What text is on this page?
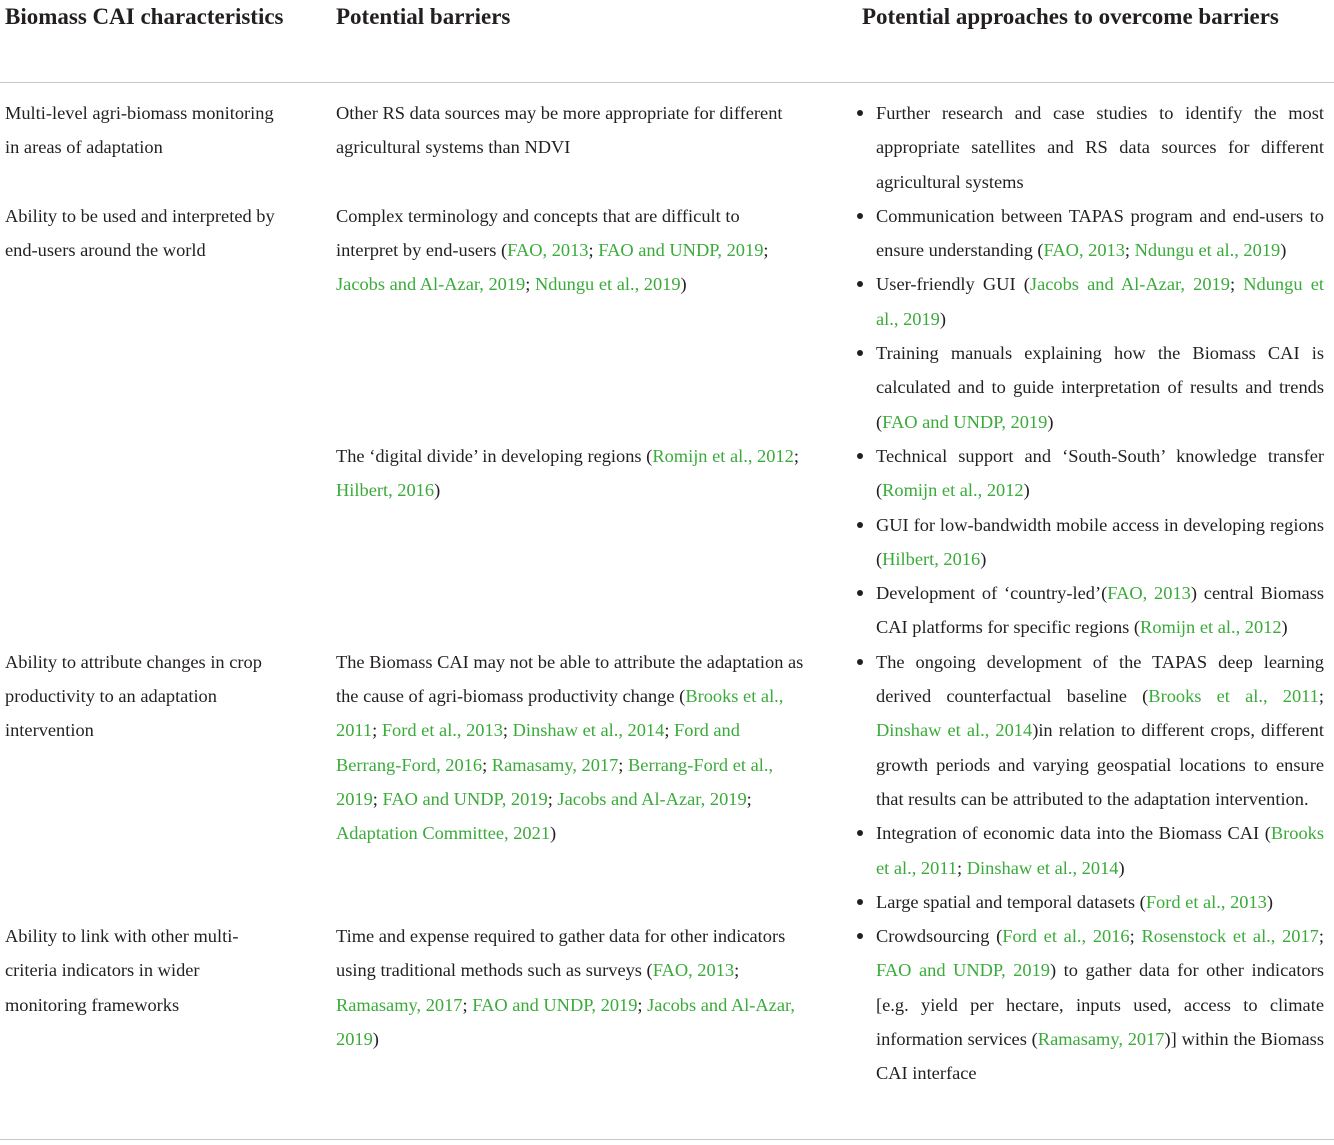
Biomass CAI characteristics	Potential barriers	Potential approaches to overcome barriers
Multi-level agri-biomass monitoring in areas of adaptation
Other RS data sources may be more appropriate for different agricultural systems than NDVI
Further research and case studies to identify the most appropriate satellites and RS data sources for different agricultural systems
Ability to be used and interpreted by end-users around the world
Complex terminology and concepts that are difficult to interpret by end-users (FAO, 2013; FAO and UNDP, 2019; Jacobs and Al-Azar, 2019; Ndungu et al., 2019)
Communication between TAPAS program and end-users to ensure understanding (FAO, 2013; Ndungu et al., 2019)
User-friendly GUI (Jacobs and Al-Azar, 2019; Ndungu et al., 2019)
Training manuals explaining how the Biomass CAI is calculated and to guide interpretation of results and trends (FAO and UNDP, 2019)
The ‘digital divide’ in developing regions (Romijn et al., 2012; Hilbert, 2016)
Technical support and ‘South-South’ knowledge transfer (Romijn et al., 2012)
GUI for low-bandwidth mobile access in developing regions (Hilbert, 2016)
Development of ‘country-led’(FAO, 2013) central Biomass CAI platforms for specific regions (Romijn et al., 2012)
Ability to attribute changes in crop productivity to an adaptation intervention
The Biomass CAI may not be able to attribute the adaptation as the cause of agri-biomass productivity change (Brooks et al., 2011; Ford et al., 2013; Dinshaw et al., 2014; Ford and Berrang-Ford, 2016; Ramasamy, 2017; Berrang-Ford et al., 2019; FAO and UNDP, 2019; Jacobs and Al-Azar, 2019; Adaptation Committee, 2021)
The ongoing development of the TAPAS deep learning derived counterfactual baseline (Brooks et al., 2011; Dinshaw et al., 2014)in relation to different crops, different growth periods and varying geospatial locations to ensure that results can be attributed to the adaptation intervention.
Integration of economic data into the Biomass CAI (Brooks et al., 2011; Dinshaw et al., 2014)
Large spatial and temporal datasets (Ford et al., 2013)
Ability to link with other multi-criteria indicators in wider monitoring frameworks
Time and expense required to gather data for other indicators using traditional methods such as surveys (FAO, 2013; Ramasamy, 2017; FAO and UNDP, 2019; Jacobs and Al-Azar, 2019)
Crowdsourcing (Ford et al., 2016; Rosenstock et al., 2017; FAO and UNDP, 2019) to gather data for other indicators [e.g. yield per hectare, inputs used, access to climate information services (Ramasamy, 2017)] within the Biomass CAI interface
